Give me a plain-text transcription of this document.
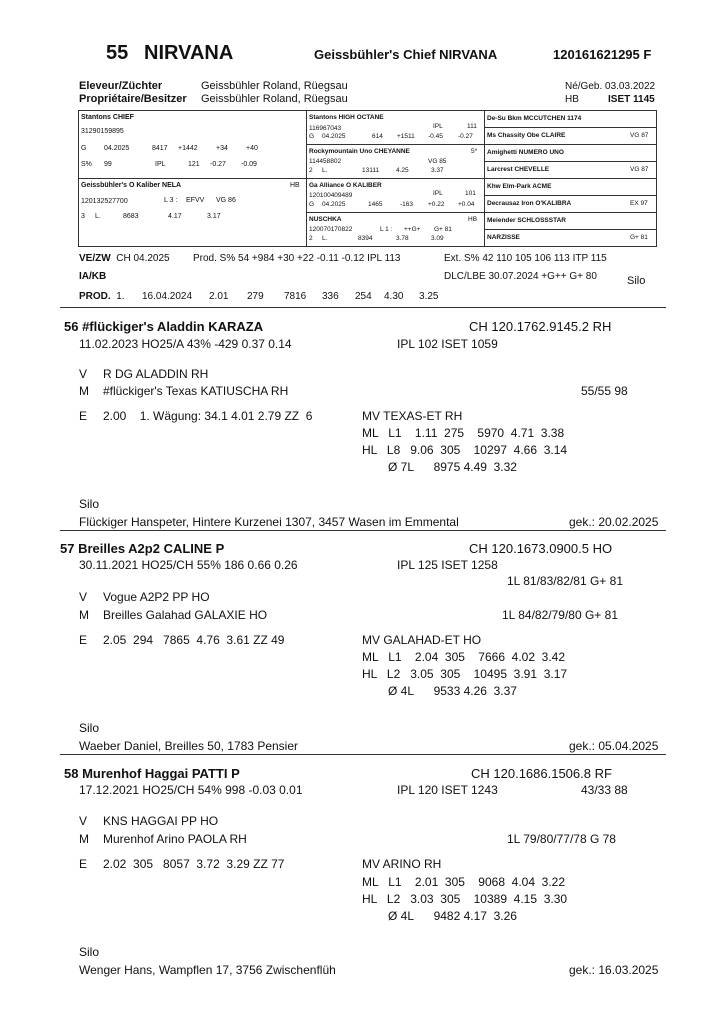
55 NIRVANA	Geissbühler's Chief NIRVANA	120161621295 F
Eleveur/Züchter	Geissbühler Roland, Rüegsau
Propriétaire/Besitzer Geissbühler Roland, Rüegsau
Né/Geb. 03.03.2022
HB	ISET 1145
Stantons CHIEF
31290159895
G	04.2025	8417 +1442	+34	+40
S% 99	IPL	121 -0.27 -0.09
Geissbühler's O Kaliber NELA	HB
120132527700	L 3 : EFVV VG 86
3 L.	8683	4.17	3.17
Stantons HIGH OCTANE
116967043	IPL	111
G 04.2025	614 +1511 -0.45 -0.27
Rockymountain Uno CHEYANNE	5*
114458802	VG 85
2 L.	13111	4.25	3.37
Ga Alliance O KALIBER
120100409489	IPL	101
G 04.2025	1465	-163 +0.22 +0.04
NUSCHKA	HB
120070170822	L 1 : ++G+ G+ 81
2 L.	8394	3.78	3.09
De-Su Bkm MCCUTCHEN 1174
Ms Chassity Obe CLAIRE	VG 87
Amighetti NUMERO UNO
Larcrest CHEVELLE	VG 87
Khw Elm-Park ACME
Decrausaz Iron O'KALIBRA	EX 97
Meiender SCHLOSSSTAR
NARZISSE	G+ 81
VE/ZW CH 04.2025 Prod. S% 54 +984 +30 +22 -0.11 -0.12 IPL 113	Ext. S% 42 110 105 106 113 ITP 115
IA/KB	DLC/LBE 30.07.2024 +G++ G+ 80	Silo
PROD. 1. 16.04.2024 2.01 279 7816 336 254 4.30 3.25
56 #flückiger's Aladdin KARAZA	CH 120.1762.9145.2 RH
11.02.2023 HO25/A 43% -429 0.37 0.14	IPL 102 ISET 1059
V R DG ALADDIN RH
M #flückiger's Texas KATIUSCHA RH	55/55 98
E 2.00    1. Wägung: 34.1 4.01 2.79 ZZ  6	MV TEXAS-ET RH
ML   L1    1.11  275    5970  4.71  3.38
HL   L8   9.06  305    10297  4.66  3.14
Ø 7L      8975 4.49  3.32
Silo
Flückiger Hanspeter, Hintere Kurzenei 1307, 3457 Wasen im Emmental	gek.: 20.02.2025
57 Breilles A2p2 CALINE P	CH 120.1673.0900.5 HO
30.11.2021 HO25/CH 55% 186 0.66 0.26	IPL 125 ISET 1258
1L 81/83/82/81 G+ 81
V Vogue A2P2 PP HO
M Breilles Galahad GALAXIE HO	1L 84/82/79/80 G+ 81
E 2.05  294   7865  4.76  3.61 ZZ 49	MV GALAHAD-ET HO
ML   L1    2.04  305    7666  4.02  3.42
HL   L2   3.05  305    10495  3.91  3.17
Ø 4L      9533 4.26  3.37
Silo
Waeber Daniel, Breilles 50, 1783 Pensier	gek.: 05.04.2025
58 Murenhof Haggai PATTI P	CH 120.1686.1506.8 RF
17.12.2021 HO25/CH 54% 998 -0.03 0.01	IPL 120 ISET 1243	43/33 88
V KNS HAGGAI PP HO
M Murenhof Arino PAOLA RH	1L 79/80/77/78 G 78
E 2.02  305   8057  3.72  3.29 ZZ 77	MV ARINO RH
ML   L1    2.01  305    9068  4.04  3.22
HL   L2   3.03  305    10389  4.15  3.30
Ø 4L      9482 4.17  3.26
Silo
Wenger Hans, Wampflen 17, 3756 Zwischenflüh	gek.: 16.03.2025
